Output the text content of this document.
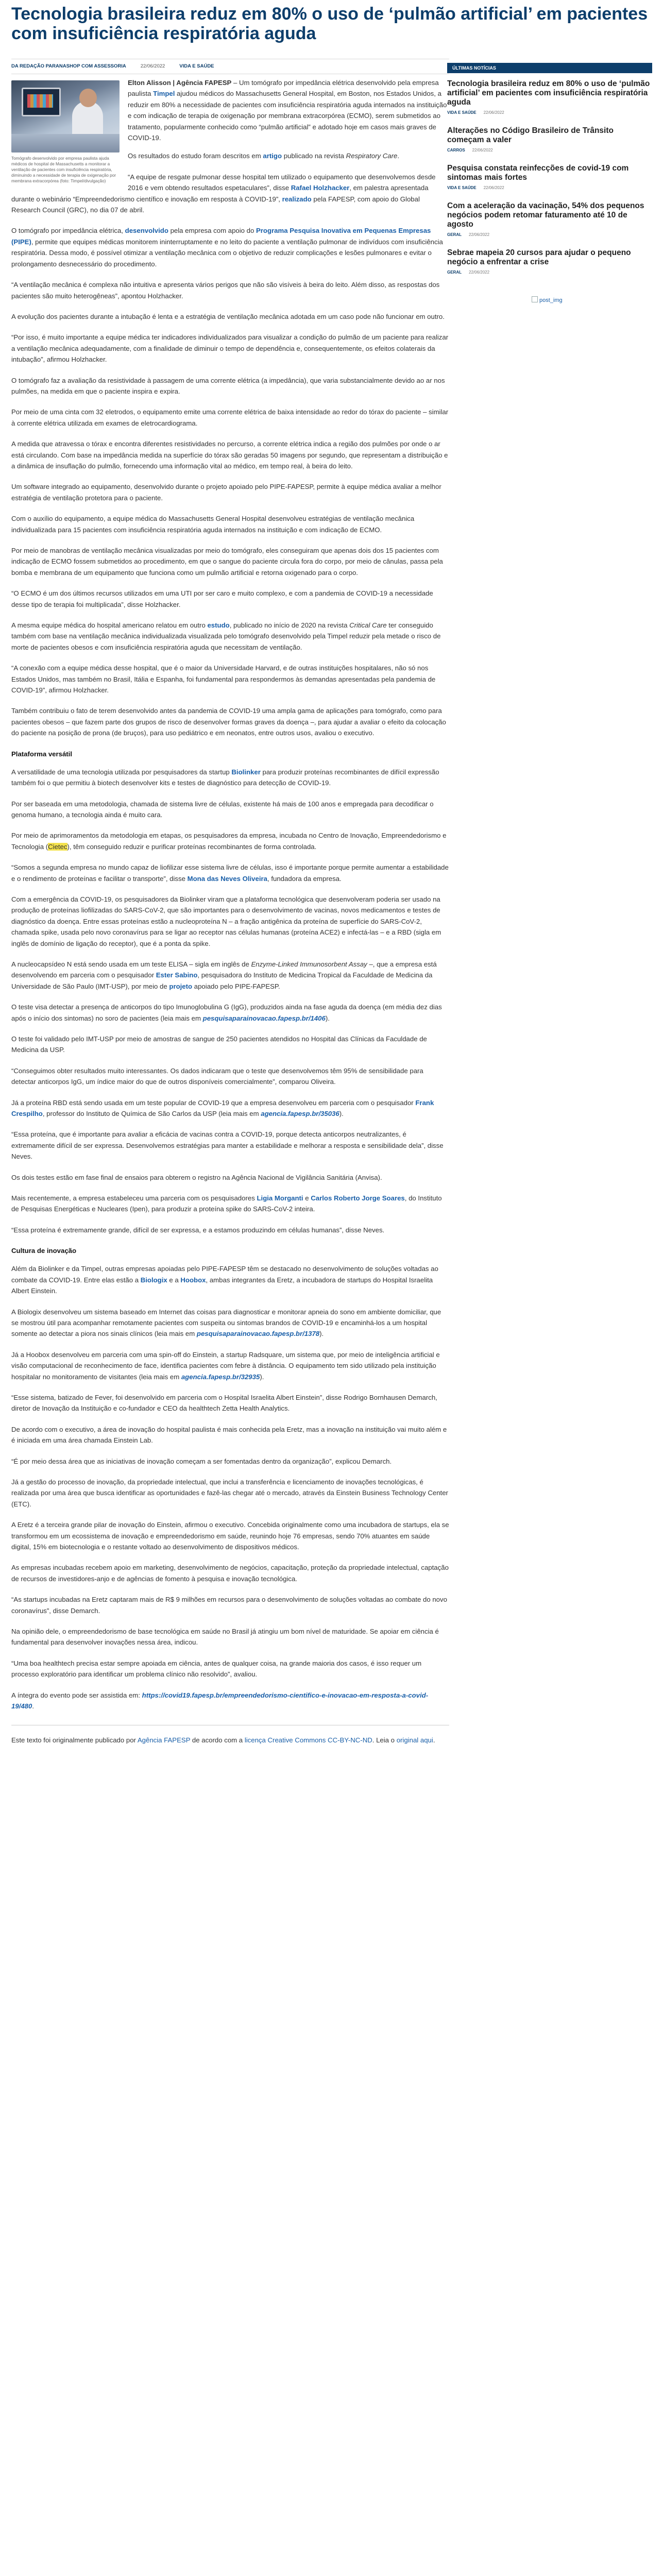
Tecnologia brasileira reduz em 80% o uso de ‘pulmão artificial’ em pacientes com insuficiência respiratória aguda
DA REDAÇÃO PARANASHOP COM ASSESSORIA	22/06/2022	VIDA E SAÚDE
Tomógrafo desenvolvido por empresa paulista ajuda médicos de hospital de Massachusetts a monitorar a ventilação de pacientes com insuficiência respiratória, diminuindo a necessidade de terapia de oxigenação por membrana extracorpórea (foto: Timpel/divulgação)

Elton Alisson | Agência FAPESP – Um tomógrafo por impedância elétrica desenvolvido pela empresa paulista Timpel ajudou médicos do Massachusetts General Hospital, em Boston, nos Estados Unidos, a reduzir em 80% a necessidade de pacientes com insuficiência respiratória aguda internados na instituição e com indicação de terapia de oxigenação por membrana extracorpórea (ECMO), serem submetidos ao tratamento, popularmente conhecido como “pulmão artificial” e adotado hoje em casos mais graves de COVID-19.

Os resultados do estudo foram descritos em artigo publicado na revista Respiratory Care.

“A equipe de resgate pulmonar desse hospital tem utilizado o equipamento que desenvolvemos desde 2016 e vem obtendo resultados espetaculares”, disse Rafael Holzhacker, em palestra apresentada durante o webinário “Empreendedorismo científico e inovação em resposta à COVID-19”, realizado pela FAPESP, com apoio do Global Research Council (GRC), no dia 07 de abril.

O tomógrafo por impedância elétrica, desenvolvido pela empresa com apoio do Programa Pesquisa Inovativa em Pequenas Empresas (PIPE), permite que equipes médicas monitorem ininterruptamente e no leito do paciente a ventilação pulmonar de indivíduos com insuficiência respiratória. Dessa modo, é possível otimizar a ventilação mecânica com o objetivo de reduzir complicações e lesões pulmonares e evitar o prolongamento desnecessário do procedimento.

“A ventilação mecânica é complexa não intuitiva e apresenta vários perigos que não são visíveis à beira do leito. Além disso, as respostas dos pacientes são muito heterogêneas”, apontou Holzhacker.

A evolução dos pacientes durante a intubação é lenta e a estratégia de ventilação mecânica adotada em um caso pode não funcionar em outro.

“Por isso, é muito importante a equipe médica ter indicadores individualizados para visualizar a condição do pulmão de um paciente para realizar a ventilação mecânica adequadamente, com a finalidade de diminuir o tempo de dependência e, consequentemente, os efeitos colaterais da intubação”, afirmou Holzhacker.

O tomógrafo faz a avaliação da resistividade à passagem de uma corrente elétrica (a impedância), que varia substancialmente devido ao ar nos pulmões, na medida em que o paciente inspira e expira.

Por meio de uma cinta com 32 eletrodos, o equipamento emite uma corrente elétrica de baixa intensidade ao redor do tórax do paciente – similar à corrente elétrica utilizada em exames de eletrocardiograma.

A medida que atravessa o tórax e encontra diferentes resistividades no percurso, a corrente elétrica indica a região dos pulmões por onde o ar está circulando. Com base na impedância medida na superfície do tórax são geradas 50 imagens por segundo, que representam a distribuição e a dinâmica de insuflação do pulmão, fornecendo uma informação vital ao médico, em tempo real, à beira do leito.

Um software integrado ao equipamento, desenvolvido durante o projeto apoiado pelo PIPE-FAPESP, permite à equipe médica avaliar a melhor estratégia de ventilação protetora para o paciente.

Com o auxílio do equipamento, a equipe médica do Massachusetts General Hospital desenvolveu estratégias de ventilação mecânica individualizada para 15 pacientes com insuficiência respiratória aguda internados na instituição e com indicação de ECMO.

Por meio de manobras de ventilação mecânica visualizadas por meio do tomógrafo, eles conseguiram que apenas dois dos 15 pacientes com indicação de ECMO fossem submetidos ao procedimento, em que o sangue do paciente circula fora do corpo, por meio de cânulas, passa pela bomba e membrana de um equipamento que funciona como um pulmão artificial e retorna oxigenado para o corpo.

“O ECMO é um dos últimos recursos utilizados em uma UTI por ser caro e muito complexo, e com a pandemia de COVID-19 a necessidade desse tipo de terapia foi multiplicada”, disse Holzhacker.

A mesma equipe médica do hospital americano relatou em outro estudo, publicado no início de 2020 na revista Critical Care ter conseguido também com base na ventilação mecânica individualizada visualizada pelo tomógrafo desenvolvido pela Timpel reduzir pela metade o risco de morte de pacientes obesos e com insuficiência respiratória aguda que necessitam de ventilação.

“A conexão com a equipe médica desse hospital, que é o maior da Universidade Harvard, e de outras instituições hospitalares, não só nos Estados Unidos, mas também no Brasil, Itália e Espanha, foi fundamental para respondermos às demandas apresentadas pela pandemia de COVID-19”, afirmou Holzhacker.

Também contribuiu o fato de terem desenvolvido antes da pandemia de COVID-19 uma ampla gama de aplicações para tomógrafo, como para pacientes obesos – que fazem parte dos grupos de risco de desenvolver formas graves da doença –, para ajudar a avaliar o efeito da colocação do paciente na posição de prona (de bruços), para uso pediátrico e em neonatos, entre outros usos, avaliou o executivo.

Plataforma versátil

A versatilidade de uma tecnologia utilizada por pesquisadores da startup Biolinker para produzir proteínas recombinantes de difícil expressão também foi o que permitiu à biotech desenvolver kits e testes de diagnóstico para detecção de COVID-19.

Por ser baseada em uma metodologia, chamada de sistema livre de células, existente há mais de 100 anos e empregada para decodificar o genoma humano, a tecnologia ainda é muito cara.

Por meio de aprimoramentos da metodologia em etapas, os pesquisadores da empresa, incubada no Centro de Inovação, Empreendedorismo e Tecnologia (Cietec), têm conseguido reduzir e purificar proteínas recombinantes de forma controlada.

“Somos a segunda empresa no mundo capaz de liofilizar esse sistema livre de células, isso é importante porque permite aumentar a estabilidade e o rendimento de proteínas e facilitar o transporte”, disse Mona das Neves Oliveira, fundadora da empresa.

Com a emergência da COVID-19, os pesquisadores da Biolinker viram que a plataforma tecnológica que desenvolveram poderia ser usado na produção de proteínas liofilizadas do SARS-CoV-2, que são importantes para o desenvolvimento de vacinas, novos medicamentos e testes de diagnóstico da doença. Entre essas proteínas estão a nucleoproteína N – a fração antigênica da proteína de superfície do SARS-CoV-2, chamada spike, usada pelo novo coronavírus para se ligar ao receptor nas células humanas (proteína ACE2) e infectá-las – e a RBD (sigla em inglês de domínio de ligação do receptor), que é a ponta da spike.

A nucleocapsídeo N está sendo usada em um teste ELISA – sigla em inglês de Enzyme-Linked Immunosorbent Assay –, que a empresa está desenvolvendo em parceria com o pesquisador Ester Sabino, pesquisadora do Instituto de Medicina Tropical da Faculdade de Medicina da Universidade de São Paulo (IMT-USP), por meio de projeto apoiado pelo PIPE-FAPESP.

O teste visa detectar a presença de anticorpos do tipo Imunoglobulina G (IgG), produzidos ainda na fase aguda da doença (em média dez dias após o início dos sintomas) no soro de pacientes (leia mais em pesquisaparainovacao.fapesp.br/1406).

O teste foi validado pelo IMT-USP por meio de amostras de sangue de 250 pacientes atendidos no Hospital das Clínicas da Faculdade de Medicina da USP.

“Conseguimos obter resultados muito interessantes. Os dados indicaram que o teste que desenvolvemos têm 95% de sensibilidade para detectar anticorpos IgG, um índice maior do que de outros disponíveis comercialmente”, comparou Oliveira.

Já a proteína RBD está sendo usada em um teste popular de COVID-19 que a empresa desenvolveu em parceria com o pesquisador Frank Crespilho, professor do Instituto de Química de São Carlos da USP (leia mais em agencia.fapesp.br/35036).

“Essa proteína, que é importante para avaliar a eficácia de vacinas contra a COVID-19, porque detecta anticorpos neutralizantes, é extremamente difícil de ser expressa. Desenvolvemos estratégias para manter a estabilidade e melhorar a resposta e sensibilidade dela”, disse Neves.

Os dois testes estão em fase final de ensaios para obterem o registro na Agência Nacional de Vigilância Sanitária (Anvisa).

Mais recentemente, a empresa estabeleceu uma parceria com os pesquisadores Ligia Morganti e Carlos Roberto Jorge Soares, do Instituto de Pesquisas Energéticas e Nucleares (Ipen), para produzir a proteína spike do SARS-CoV-2 inteira.

“Essa proteína é extremamente grande, difícil de ser expressa, e a estamos produzindo em células humanas”, disse Neves.

Cultura de inovação

Além da Biolinker e da Timpel, outras empresas apoiadas pelo PIPE-FAPESP têm se destacado no desenvolvimento de soluções voltadas ao combate da COVID-19. Entre elas estão a Biologix e a Hoobox, ambas integrantes da Eretz, a incubadora de startups do Hospital Israelita Albert Einstein.

A Biologix desenvolveu um sistema baseado em Internet das coisas para diagnosticar e monitorar apneia do sono em ambiente domiciliar, que se mostrou útil para acompanhar remotamente pacientes com suspeita ou sintomas brandos de COVID-19 e encaminhá-los a um hospital somente ao detectar a piora nos sinais clínicos (leia mais em pesquisaparainovacao.fapesp.br/1378).

Já a Hoobox desenvolveu em parceria com uma spin-off do Einstein, a startup Radsquare, um sistema que, por meio de inteligência artificial e visão computacional de reconhecimento de face, identifica pacientes com febre à distância. O equipamento tem sido utilizado pela instituição hospitalar no monitoramento de visitantes (leia mais em agencia.fapesp.br/32935).

“Esse sistema, batizado de Fever, foi desenvolvido em parceria com o Hospital Israelita Albert Einstein”, disse Rodrigo Bornhausen Demarch, diretor de Inovação da Instituição e co-fundador e CEO da healthtech Zetta Health Analytics.

De acordo com o executivo, a área de inovação do hospital paulista é mais conhecida pela Eretz, mas a inovação na instituição vai muito além e é iniciada em uma área chamada Einstein Lab.

“É por meio dessa área que as iniciativas de inovação começam a ser fomentadas dentro da organização”, explicou Demarch.

Já a gestão do processo de inovação, da propriedade intelectual, que inclui a transferência e licenciamento de inovações tecnológicas, é realizada por uma área que busca identificar as oportunidades e fazê-las chegar até o mercado, através da Einstein Business Technology Center (ETC).

A Eretz é a terceira grande pilar de inovação do Einstein, afirmou o executivo. Concebida originalmente como uma incubadora de startups, ela se transformou em um ecossistema de inovação e empreendedorismo em saúde, reunindo hoje 76 empresas, sendo 70% atuantes em saúde digital, 15% em biotecnologia e o restante voltado ao desenvolvimento de dispositivos médicos.

As empresas incubadas recebem apoio em marketing, desenvolvimento de negócios, capacitação, proteção da propriedade intelectual, captação de recursos de investidores-anjo e de agências de fomento à pesquisa e inovação tecnológica.

“As startups incubadas na Eretz captaram mais de R$ 9 milhões em recursos para o desenvolvimento de soluções voltadas ao combate do novo coronavírus”, disse Demarch.

Na opinião dele, o empreendedorismo de base tecnológica em saúde no Brasil já atingiu um bom nível de maturidade. Se apoiar em ciência é fundamental para desenvolver inovações nessa área, indicou.

“Uma boa healthtech precisa estar sempre apoiada em ciência, antes de qualquer coisa, na grande maioria dos casos, é isso requer um processo exploratório para identificar um problema clínico não resolvido”, avaliou.

A íntegra do evento pode ser assistida em: https://covid19.fapesp.br/empreendedorismo-cientifico-e-inovacao-em-resposta-a-covid-19/480.

Este texto foi originalmente publicado por Agência FAPESP de acordo com a licença Creative Commons CC-BY-NC-ND. Leia o original aqui.

ÚLTIMAS NOTÍCIAS
Tecnologia brasileira reduz em 80% o uso de ‘pulmão artificial’ em pacientes com insuficiência respiratória aguda
VIDA E SAÚDE 22/06/2022
Alterações no Código Brasileiro de Trânsito começam a valer
CARROS 22/06/2022
Pesquisa constata reinfecções de covid-19 com sintomas mais fortes
VIDA E SAÚDE 22/06/2022
Com a aceleração da vacinação, 54% dos pequenos negócios podem retomar faturamento até 10 de agosto
GERAL 22/06/2022
Sebrae mapeia 20 cursos para ajudar o pequeno negócio a enfrentar a crise
GERAL 22/06/2022
post_img
